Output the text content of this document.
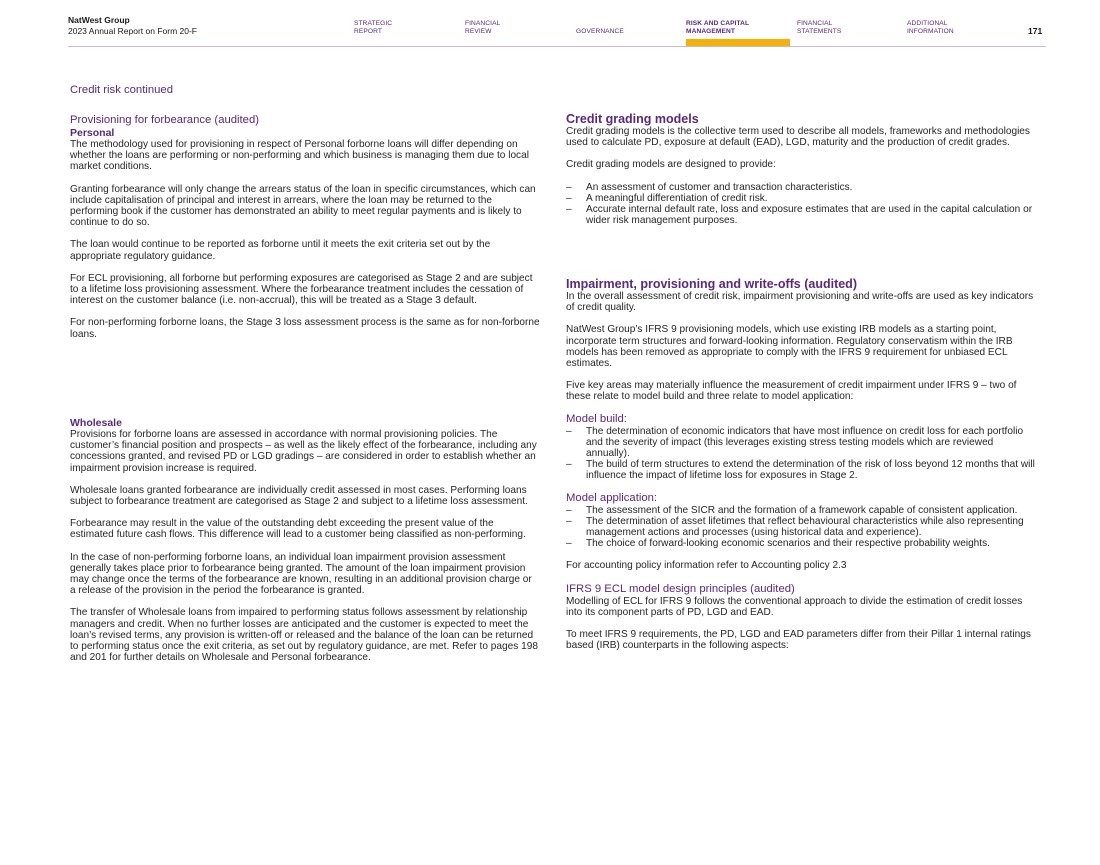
NatWest Group
2023 Annual Report on Form 20-F
STRATEGIC
REPORT
FINANCIAL
REVIEW	GOVERNANCE
RISK AND CAPITAL
MANAGEMENT
FINANCIAL
STATEMENTS
ADDITIONAL
INFORMATION	171
Credit risk continued
Provisioning for forbearance (audited)
Personal

The methodology used for provisioning in respect of Personal forborne loans will differ depending on whether the loans are performing or non-performing and which business is managing them due to local market conditions.

Granting forbearance will only change the arrears status of the loan in specific circumstances, which can include capitalisation of principal and interest in arrears, where the loan may be returned to the performing book if the customer has demonstrated an ability to meet regular payments and is likely to continue to do so.

The loan would continue to be reported as forborne until it meets the exit criteria set out by the appropriate regulatory guidance.

For ECL provisioning, all forborne but performing exposures are categorised as Stage 2 and are subject to a lifetime loss provisioning assessment. Where the forbearance treatment includes the cessation of interest on the customer balance (i.e. non-accrual), this will be treated as a Stage 3 default.

For non-performing forborne loans, the Stage 3 loss assessment process is the same as for non-forborne loans.

Wholesale

Provisions for forborne loans are assessed in accordance with normal provisioning policies. The customer’s financial position and prospects – as well as the likely effect of the forbearance, including any concessions granted, and revised PD or LGD gradings – are considered in order to establish whether an impairment provision increase is required.

Wholesale loans granted forbearance are individually credit assessed in most cases. Performing loans subject to forbearance treatment are categorised as Stage 2 and subject to a lifetime loss assessment.

Forbearance may result in the value of the outstanding debt exceeding the present value of the estimated future cash flows. This difference will lead to a customer being classified as non-performing.

In the case of non-performing forborne loans, an individual loan impairment provision assessment generally takes place prior to forbearance being granted. The amount of the loan impairment provision may change once the terms of the forbearance are known, resulting in an additional provision charge or a release of the provision in the period the forbearance is granted.

The transfer of Wholesale loans from impaired to performing status follows assessment by relationship managers and credit. When no further losses are anticipated and the customer is expected to meet the loan’s revised terms, any provision is written-off or released and the balance of the loan can be returned to performing status once the exit criteria, as set out by regulatory guidance, are met. Refer to pages 198 and 201 for further details on Wholesale and Personal forbearance.

Credit grading models

Credit grading models is the collective term used to describe all models, frameworks and methodologies used to calculate PD, exposure at default (EAD), LGD, maturity and the production of credit grades.

Credit grading models are designed to provide:

– An assessment of customer and transaction characteristics.
– A meaningful differentiation of credit risk.
– Accurate internal default rate, loss and exposure estimates that are used in the capital calculation or wider risk management purposes.
Impairment, provisioning and write-offs (audited)

In the overall assessment of credit risk, impairment provisioning and write-offs are used as key indicators of credit quality.

NatWest Group’s IFRS 9 provisioning models, which use existing IRB models as a starting point, incorporate term structures and forward-looking information. Regulatory conservatism within the IRB models has been removed as appropriate to comply with the IFRS 9 requirement for unbiased ECL estimates.

Five key areas may materially influence the measurement of credit impairment under IFRS 9 – two of these relate to model build and three relate to model application:

Model build:
– The determination of economic indicators that have most influence on credit loss for each portfolio and the severity of impact (this leverages existing stress testing models which are reviewed annually).
– The build of term structures to extend the determination of the risk of loss beyond 12 months that will influence the impact of lifetime loss for exposures in Stage 2.
Model application:
– The assessment of the SICR and the formation of a framework capable of consistent application.
– The determination of asset lifetimes that reflect behavioural characteristics while also representing management actions and processes (using historical data and experience).
– The choice of forward-looking economic scenarios and their respective probability weights.

For accounting policy information refer to Accounting policy 2.3

IFRS 9 ECL model design principles (audited)

Modelling of ECL for IFRS 9 follows the conventional approach to divide the estimation of credit losses into its component parts of PD, LGD and EAD.

To meet IFRS 9 requirements, the PD, LGD and EAD parameters differ from their Pillar 1 internal ratings based (IRB) counterparts in the following aspects:
